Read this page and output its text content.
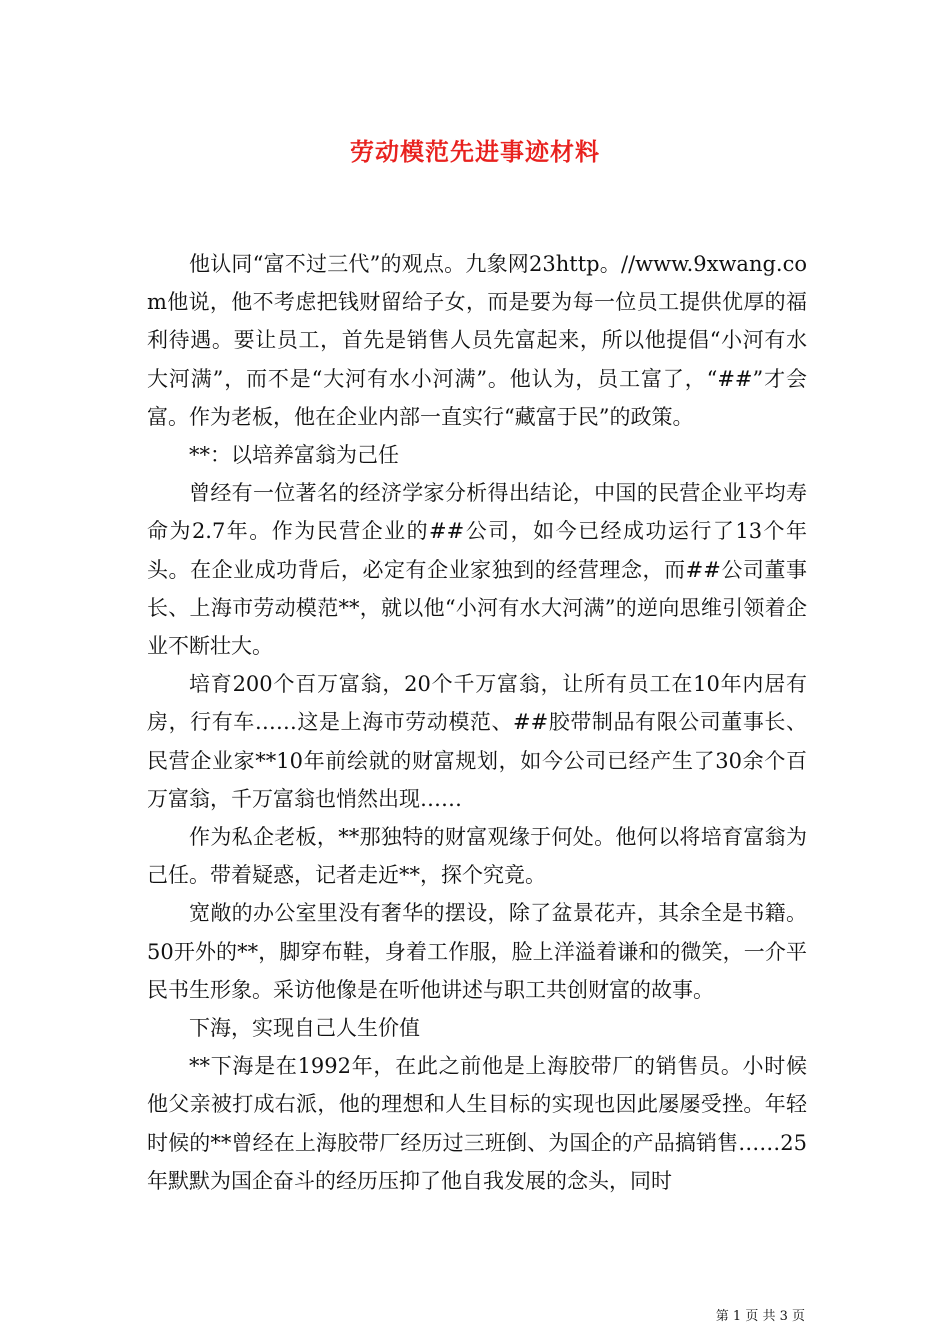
劳动模范先进事迹材料

他认同“富不过三代”的观点。九象网23http。//www.9xwang.com他说，他不考虑把钱财留给子女，而是要为每一位员工提供优厚的福利待遇。要让员工，首先是销售人员先富起来，所以他提倡“小河有水大河满”，而不是“大河有水小河满”。他认为，员工富了，“##”才会富。作为老板，他在企业内部一直实行“藏富于民”的政策。

**：以培养富翁为己任

曾经有一位著名的经济学家分析得出结论，中国的民营企业平均寿命为2.7年。作为民营企业的##公司，如今已经成功运行了13个年头。在企业成功背后，必定有企业家独到的经营理念，而##公司董事长、上海市劳动模范**，就以他“小河有水大河满”的逆向思维引领着企业不断壮大。

培育200个百万富翁，20个千万富翁，让所有员工在10年内居有房，行有车……这是上海市劳动模范、##胶带制品有限公司董事长、民营企业家**10年前绘就的财富规划，如今公司已经产生了30余个百万富翁，千万富翁也悄然出现……

作为私企老板，**那独特的财富观缘于何处。他何以将培育富翁为己任。带着疑惑，记者走近**，探个究竟。

宽敞的办公室里没有奢华的摆设，除了盆景花卉，其余全是书籍。50开外的**，脚穿布鞋，身着工作服，脸上洋溢着谦和的微笑，一介平民书生形象。采访他像是在听他讲述与职工共创财富的故事。

下海，实现自己人生价值

**下海是在1992年，在此之前他是上海胶带厂的销售员。小时候他父亲被打成右派，他的理想和人生目标的实现也因此屡屡受挫。年轻时候的**曾经在上海胶带厂经历过三班倒、为国企的产品搞销售……25年默默为国企奋斗的经历压抑了他自我发展的念头，同时

第 1 页 共 3 页
